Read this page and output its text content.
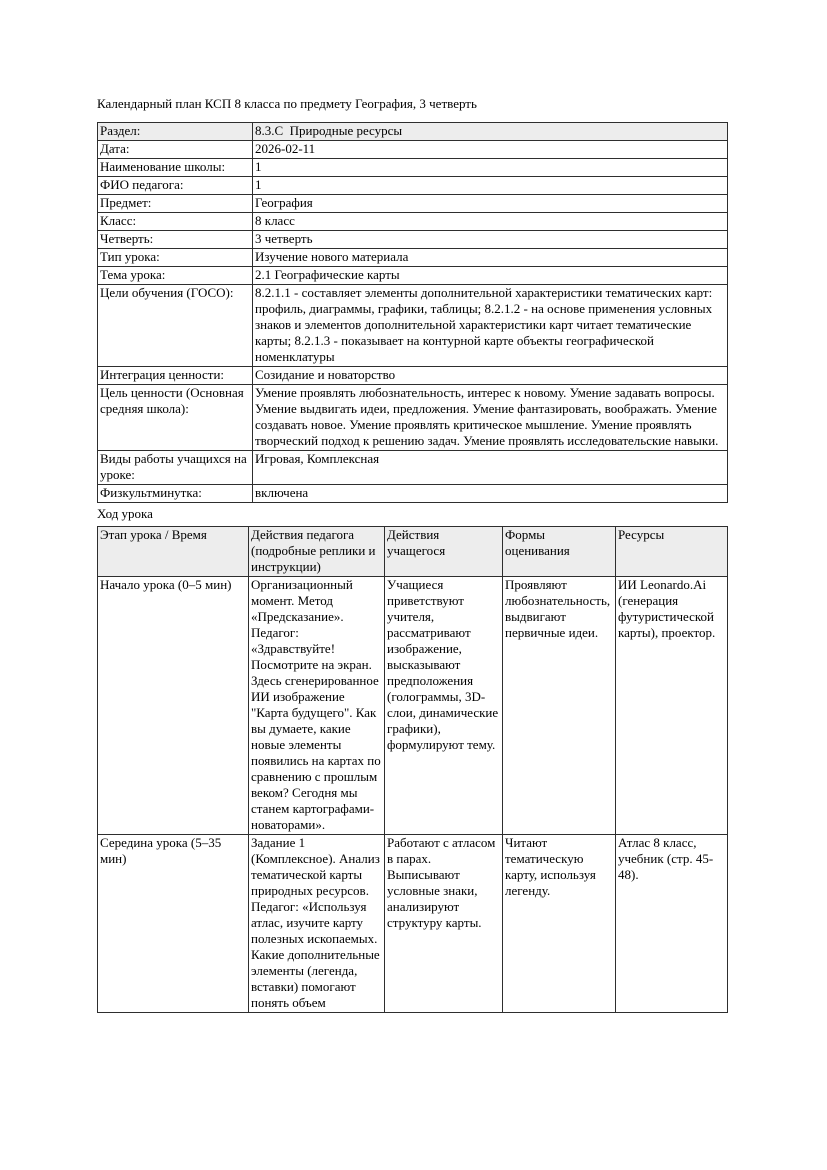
Календарный план КСП 8 класса по предмету География, 3 четверть
Раздел:	8.3.C  Природные ресурсы
Дата:	2026-02-11
Наименование школы:	1
ФИО педагога:	1
Предмет:	География
Класс:	8 класс
Четверть:	3 четверть
Тип урока:	Изучение нового материала
Тема урока:	2.1 Географические карты
Цели обучения (ГОСО):	8.2.1.1 - составляет элементы дополнительной характеристики тематических карт: профиль, диаграммы, графики, таблицы; 8.2.1.2 - на основе применения условных знаков и элементов дополнительной характеристики карт читает тематические карты; 8.2.1.3 - показывает на контурной карте объекты географической номенклатуры
Интеграция ценности:	Созидание и новаторство
Цель ценности (Основная средняя школа):	Умение проявлять любознательность, интерес к новому. Умение задавать вопросы. Умение выдвигать идеи, предложения. Умение фантазировать, воображать. Умение создавать новое. Умение проявлять критическое мышление. Умение проявлять творческий подход к решению задач. Умение проявлять исследовательские навыки.
Виды работы учащихся на уроке:	Игровая, Комплексная
Физкультминутка:	включена
Ход урока
Этап урока / Время	Действия педагога (подробные реплики и инструкции)	Действия учащегося	Формы оценивания	Ресурсы
Начало урока (0–5 мин)	Организационный момент. Метод «Предсказание». Педагог: «Здравствуйте! Посмотрите на экран. Здесь сгенерированное ИИ изображение "Карта будущего". Как вы думаете, какие новые элементы появились на картах по сравнению с прошлым веком? Сегодня мы станем картографами-новаторами».	Учащиеся приветствуют учителя, рассматривают изображение, высказывают предположения (голограммы, 3D-слои, динамические графики), формулируют тему.	Проявляют любознательность, выдвигают первичные идеи.	ИИ Leonardo.Ai (генерация футуристической карты), проектор.
Середина урока (5–35 мин)	Задание 1 (Комплексное). Анализ тематической карты природных ресурсов. Педагог: «Используя атлас, изучите карту полезных ископаемых. Какие дополнительные элементы (легенда, вставки) помогают понять объем	Работают с атласом в парах. Выписывают условные знаки, анализируют структуру карты.	Читают тематическую карту, используя легенду.	Атлас 8 класс, учебник (стр. 45-48).
